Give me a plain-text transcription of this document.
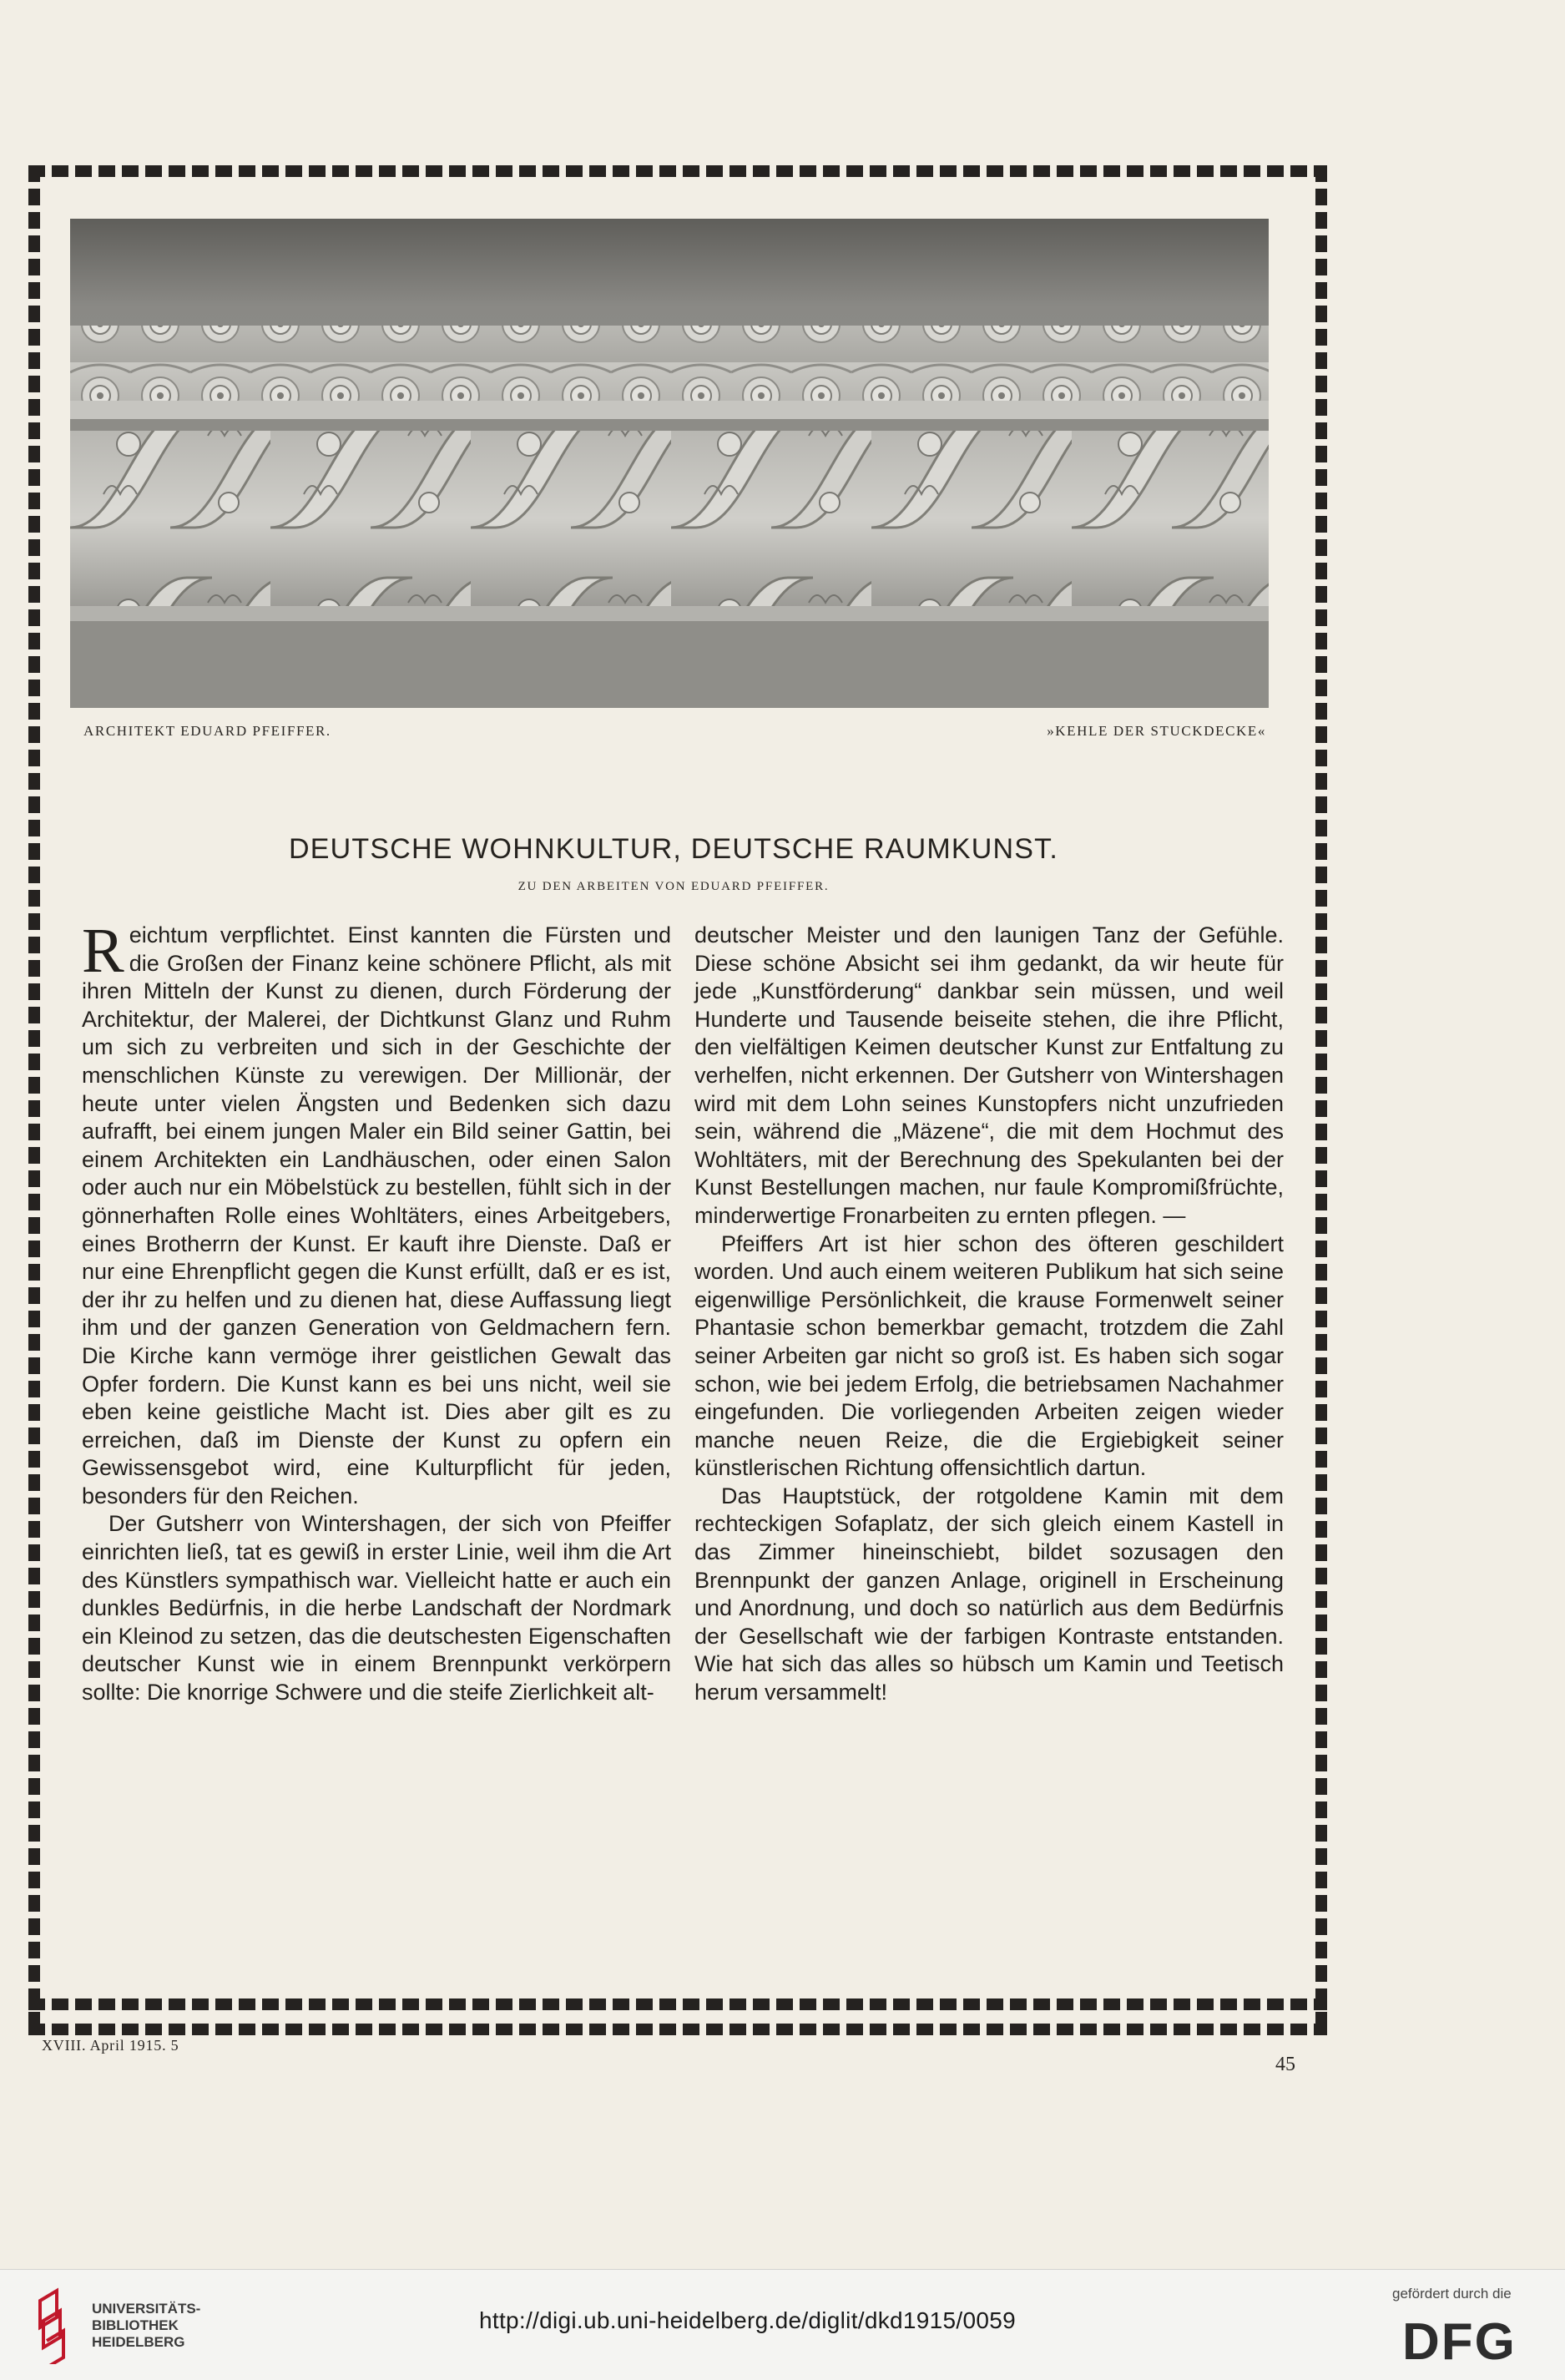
ARCHITEKT EDUARD PFEIFFER.	»KEHLE DER STUCKDECKE«
DEUTSCHE WOHNKULTUR, DEUTSCHE RAUMKUNST.
ZU DEN ARBEITEN VON EDUARD PFEIFFER.

Reichtum verpflichtet. Einst kannten die Fürsten und die Großen der Finanz keine schönere Pflicht, als mit ihren Mitteln der Kunst zu dienen, durch Förderung der Architektur, der Malerei, der Dichtkunst Glanz und Ruhm um sich zu verbreiten und sich in der Geschichte der menschlichen Künste zu verewigen. Der Millionär, der heute unter vielen Ängsten und Bedenken sich dazu aufrafft, bei einem jungen Maler ein Bild seiner Gattin, bei einem Architekten ein Landhäuschen, oder einen Salon oder auch nur ein Möbelstück zu bestellen, fühlt sich in der gönnerhaften Rolle eines Wohltäters, eines Arbeitgebers, eines Brotherrn der Kunst. Er kauft ihre Dienste. Daß er nur eine Ehrenpflicht gegen die Kunst erfüllt, daß er es ist, der ihr zu helfen und zu dienen hat, diese Auffassung liegt ihm und der ganzen Generation von Geldmachern fern. Die Kirche kann vermöge ihrer geistlichen Gewalt das Opfer fordern. Die Kunst kann es bei uns nicht, weil sie eben keine geistliche Macht ist. Dies aber gilt es zu erreichen, daß im Dienste der Kunst zu opfern ein Gewissensgebot wird, eine Kulturpflicht für jeden, besonders für den Reichen.

Der Gutsherr von Wintershagen, der sich von Pfeiffer einrichten ließ, tat es gewiß in erster Linie, weil ihm die Art des Künstlers sympathisch war. Vielleicht hatte er auch ein dunkles Bedürfnis, in die herbe Landschaft der Nordmark ein Kleinod zu setzen, das die deutschesten Eigenschaften deutscher Kunst wie in einem Brennpunkt verkörpern sollte: Die knorrige Schwere und die steife Zierlichkeit alt-

deutscher Meister und den launigen Tanz der Gefühle. Diese schöne Absicht sei ihm gedankt, da wir heute für jede „Kunstförderung“ dankbar sein müssen, und weil Hunderte und Tausende beiseite stehen, die ihre Pflicht, den vielfältigen Keimen deutscher Kunst zur Entfaltung zu verhelfen, nicht erkennen. Der Gutsherr von Wintershagen wird mit dem Lohn seines Kunstopfers nicht unzufrieden sein, während die „Mäzene“, die mit dem Hochmut des Wohltäters, mit der Berechnung des Spekulanten bei der Kunst Bestellungen machen, nur faule Kompromißfrüchte, minderwertige Fronarbeiten zu ernten pflegen. —

Pfeiffers Art ist hier schon des öfteren geschildert worden. Und auch einem weiteren Publikum hat sich seine eigenwillige Persönlichkeit, die krause Formenwelt seiner Phantasie schon bemerkbar gemacht, trotzdem die Zahl seiner Arbeiten gar nicht so groß ist. Es haben sich sogar schon, wie bei jedem Erfolg, die betriebsamen Nachahmer eingefunden. Die vorliegenden Arbeiten zeigen wieder manche neuen Reize, die die Ergiebigkeit seiner künstlerischen Richtung offensichtlich dartun.

Das Hauptstück, der rotgoldene Kamin mit dem rechteckigen Sofaplatz, der sich gleich einem Kastell in das Zimmer hineinschiebt, bildet sozusagen den Brennpunkt der ganzen Anlage, originell in Erscheinung und Anordnung, und doch so natürlich aus dem Bedürfnis der Gesellschaft wie der farbigen Kontraste entstanden. Wie hat sich das alles so hübsch um Kamin und Teetisch herum versammelt!

XVIII. April 1915. 5
45
UNIVERSITÄTS-
BIBLIOTHEK
HEIDELBERG
http://digi.ub.uni-heidelberg.de/diglit/dkd1915/0059
gefördert durch die
DFG
